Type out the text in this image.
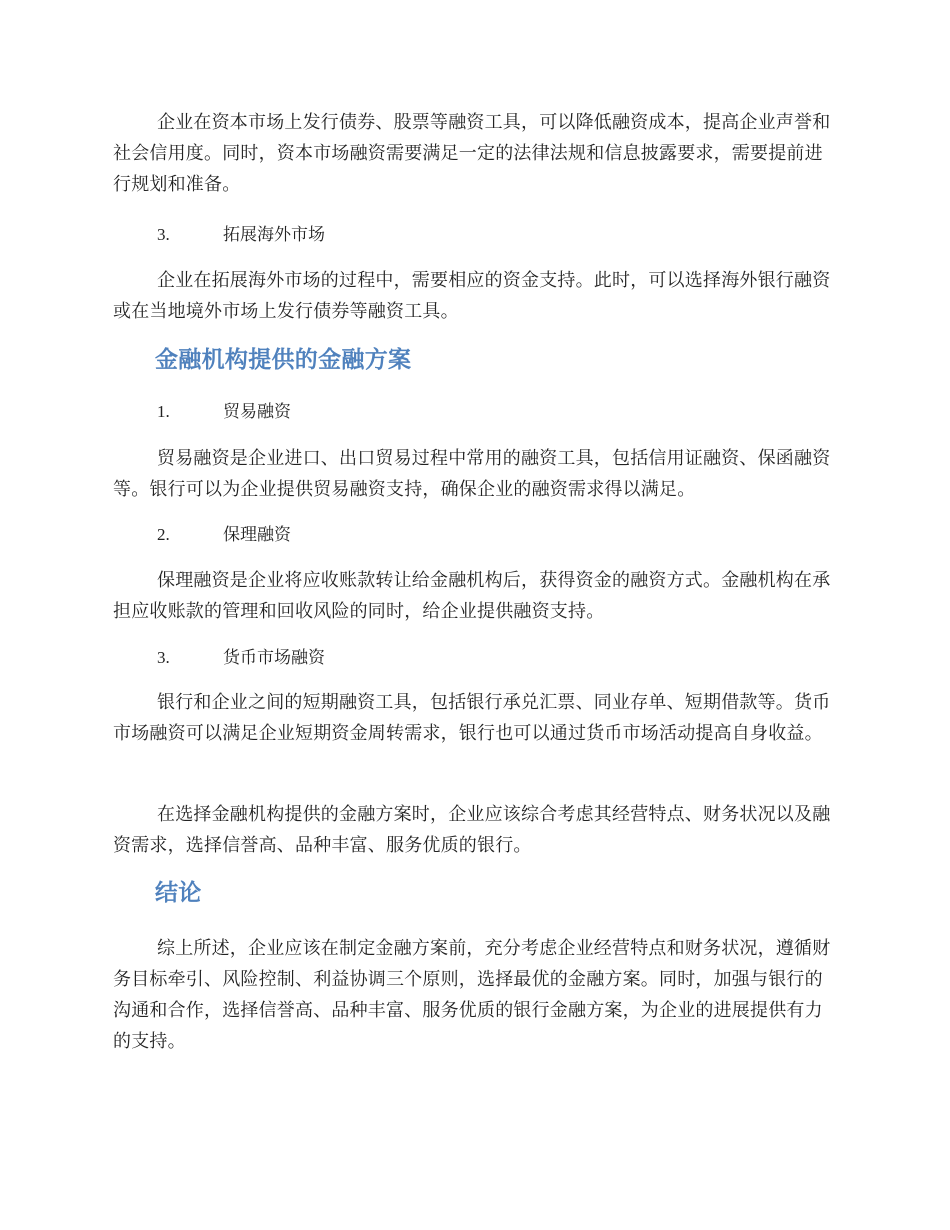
企业在资本市场上发行债券、股票等融资工具，可以降低融资成本，提高企业声誉和社会信用度。同时，资本市场融资需要满足一定的法律法规和信息披露要求，需要提前进行规划和准备。

3.	拓展海外市场

企业在拓展海外市场的过程中，需要相应的资金支持。此时，可以选择海外银行融资或在当地境外市场上发行债券等融资工具。

金融机构提供的金融方案

1.	贸易融资

贸易融资是企业进口、出口贸易过程中常用的融资工具，包括信用证融资、保函融资等。银行可以为企业提供贸易融资支持，确保企业的融资需求得以满足。

2.	保理融资

保理融资是企业将应收账款转让给金融机构后，获得资金的融资方式。金融机构在承担应收账款的管理和回收风险的同时，给企业提供融资支持。

3.	货币市场融资

银行和企业之间的短期融资工具，包括银行承兑汇票、同业存单、短期借款等。货币市场融资可以满足企业短期资金周转需求，银行也可以通过货币市场活动提高自身收益。

在选择金融机构提供的金融方案时，企业应该综合考虑其经营特点、财务状况以及融资需求，选择信誉高、品种丰富、服务优质的银行。

结论

综上所述，企业应该在制定金融方案前，充分考虑企业经营特点和财务状况，遵循财务目标牵引、风险控制、利益协调三个原则，选择最优的金融方案。同时，加强与银行的沟通和合作，选择信誉高、品种丰富、服务优质的银行金融方案，为企业的进展提供有力的支持。
